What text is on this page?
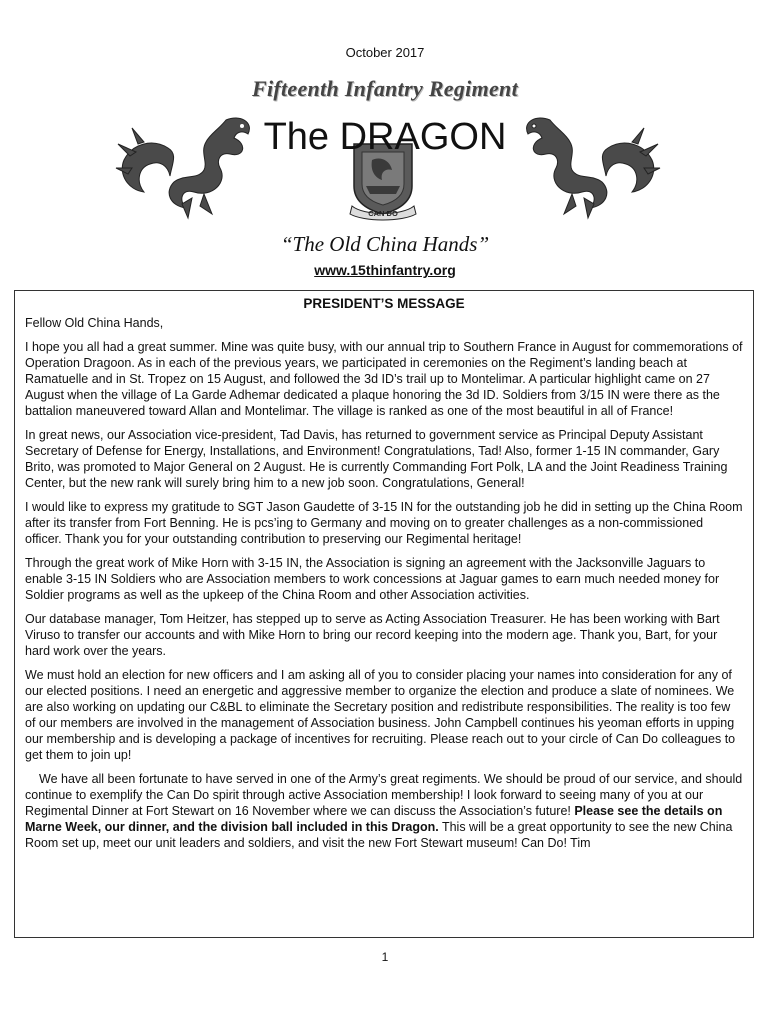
October 2017
Fifteenth Infantry Regiment
CAN DO
The DRAGON
“The Old China Hands”
www.15thinfantry.org
PRESIDENT’S MESSAGE

Fellow Old China Hands,

I hope you all had a great summer. Mine was quite busy, with our annual trip to Southern France in August for commemorations of Operation Dragoon. As in each of the previous years, we participated in ceremonies on the Regiment’s landing beach at Ramatuelle and in St. Tropez on 15 August, and followed the 3d ID’s trail up to Montelimar. A particular highlight came on 27 August when the village of La Garde Adhemar dedicated a plaque honoring the 3d ID. Soldiers from 3/15 IN were there as the battalion maneuvered toward Allan and Montelimar. The village is ranked as one of the most beautiful in all of France!

In great news, our Association vice-president, Tad Davis, has returned to government service as Principal Deputy Assistant Secretary of Defense for Energy, Installations, and Environment! Congratulations, Tad! Also, former 1-15 IN commander, Gary Brito, was promoted to Major General on 2 August. He is currently Commanding Fort Polk, LA and the Joint Readiness Training Center, but the new rank will surely bring him to a new job soon. Congratulations, General!

I would like to express my gratitude to SGT Jason Gaudette of 3-15 IN for the outstanding job he did in setting up the China Room after its transfer from Fort Benning. He is pcs’ing to Germany and moving on to greater challenges as a non-commissioned officer. Thank you for your outstanding contribution to preserving our Regimental heritage!

Through the great work of Mike Horn with 3-15 IN, the Association is signing an agreement with the Jacksonville Jaguars to enable 3-15 IN Soldiers who are Association members to work concessions at Jaguar games to earn much needed money for Soldier programs as well as the upkeep of the China Room and other Association activities.

Our database manager, Tom Heitzer, has stepped up to serve as Acting Association Treasurer. He has been working with Bart Viruso to transfer our accounts and with Mike Horn to bring our record keeping into the modern age. Thank you, Bart, for your hard work over the years.

We must hold an election for new officers and I am asking all of you to consider placing your names into consideration for any of our elected positions. I need an energetic and aggressive member to organize the election and produce a slate of nominees. We are also working on updating our C&BL to eliminate the Secretary position and redistribute responsibilities. The reality is too few of our members are involved in the management of Association business. John Campbell continues his yeoman efforts in upping our membership and is developing a package of incentives for recruiting. Please reach out to your circle of Can Do colleagues to get them to join up!

We have all been fortunate to have served in one of the Army’s great regiments. We should be proud of our service, and should continue to exemplify the Can Do spirit through active Association membership! I look forward to seeing many of you at our Regimental Dinner at Fort Stewart on 16 November where we can discuss the Association’s future! Please see the details on Marne Week, our dinner, and the division ball included in this Dragon. This will be a great opportunity to see the new China Room set up, meet our unit leaders and soldiers, and visit the new Fort Stewart museum! Can Do! Tim

1
